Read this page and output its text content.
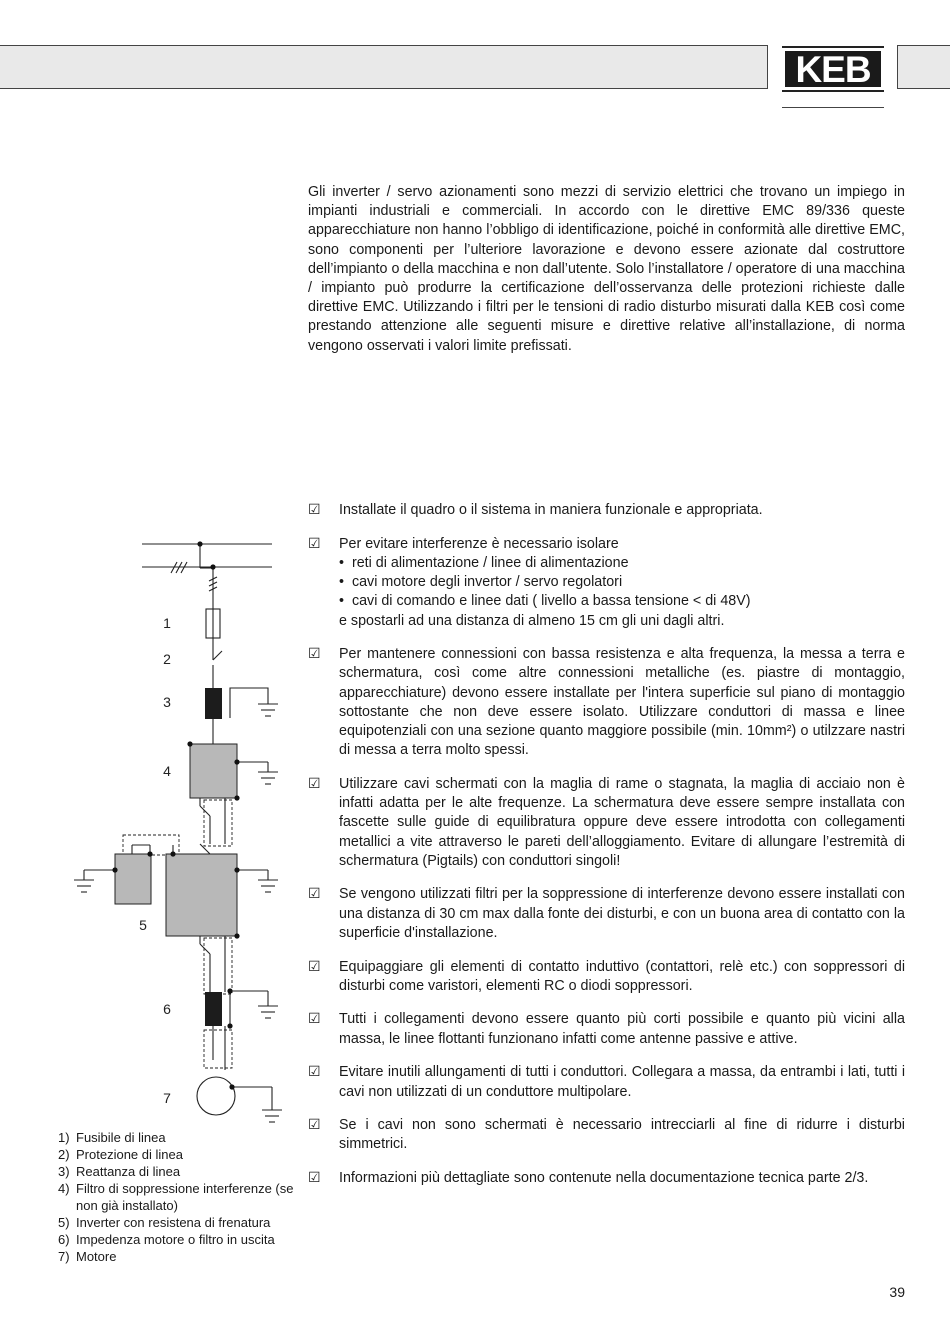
KEB

Gli inverter / servo azionamenti sono mezzi di servizio elettrici che trovano un impiego in impianti industriali e commerciali. In accordo con le direttive EMC 89/336 queste apparecchiature non hanno l’obbligo di identificazione, poiché in conformità alle direttive EMC, sono componenti per l’ulteriore lavorazione e devono essere azionate dal costruttore dell’impianto o della macchina e non dall’utente. Solo l’installatore / operatore di una macchina / impianto può produrre la certificazione dell’osservanza delle protezioni richieste dalle direttive EMC. Utilizzando i filtri per le tensioni di radio disturbo misurati dalla KEB così come prestando attenzione alle seguenti misure e direttive relative all’installazione, di norma vengono osservati i valori limite prefissati.

☑ Installate il quadro o il sistema in maniera funzionale e appropriata.

☑ Per evitare interferenze è necessario isolare

•  reti di alimentazione / linee di alimentazione
•  cavi motore degli invertor / servo regolatori
•  cavi di comando e linee dati ( livello a bassa tensione < di 48V)

e spostarli ad una distanza di almeno 15 cm gli uni dagli altri.

☑ Per mantenere connessioni con bassa resistenza e alta frequenza, la messa a terra e schermatura, così come altre connessioni metalliche (es. piastre di montaggio, apparecchiature) devono essere installate per l'intera superficie sul piano di montaggio sottostante che non deve essere isolato. Utilizzare conduttori di massa e linee equipotenziali con una sezione quanto maggiore possibile (min. 10mm²) o utilzzare nastri di messa a terra molto spessi.

☑ Utilizzare cavi schermati con la maglia di rame o stagnata, la maglia di acciaio non è infatti adatta per le alte frequenze. La schermatura deve essere sempre installata con fascette sulle guide di equilibratura oppure deve essere introdotta con collegamenti metallici a vite attraverso le pareti dell’alloggiamento. Evitare di allungare l’estremità di schermatura (Pigtails) con conduttori singoli!

☑ Se vengono utilizzati filtri per la soppressione di interferenze devono essere installati con una distanza di 30 cm max dalla fonte dei disturbi, e con un buona area di contatto con la superficie d'installazione.

☑ Equipaggiare gli elementi di contatto induttivo (contattori, relè etc.) con soppressori di disturbi come varistori, elementi RC o diodi soppressori.

☑ Tutti i collegamenti devono essere quanto più corti possibile e quanto più vicini alla massa, le linee flottanti funzionano infatti come antenne passive e attive.

☑ Evitare inutili allungamenti di tutti i conduttori. Collegara a massa, da entrambi i lati, tutti i cavi non utilizzati di un conduttore multipolare.

☑ Se i cavi non sono schermati è necessario intrecciarli al fine di ridurre i disturbi simmetrici.

☑ Informazioni più dettagliate sono contenute nella documentazione tecnica parte 2/3.

1
2
3
4
5
6
7
1) Fusibile di linea
2) Protezione di linea
3) Reattanza di linea
4) Filtro di soppressione interferenze (se non già installato)
5) Inverter con resistena di frenatura
6) Impedenza motore o filtro in uscita
7) Motore
39
